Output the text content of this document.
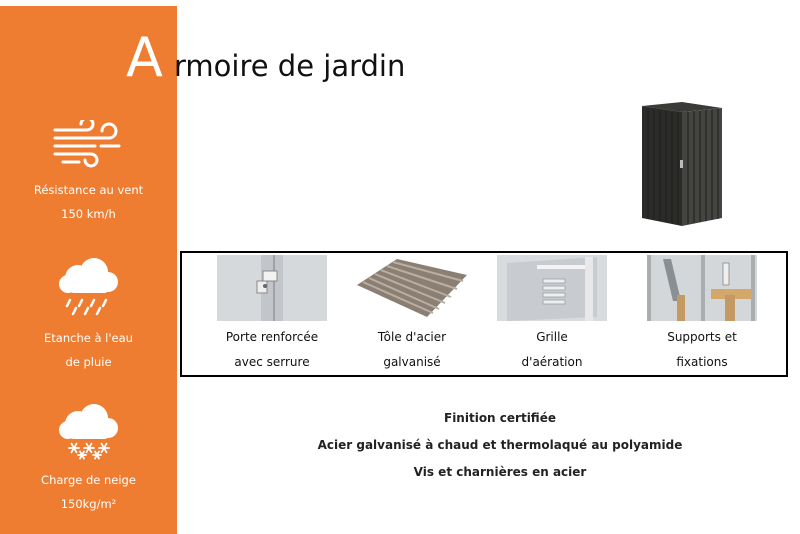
Résistance au vent
150 km/h
Etanche à l'eau
de pluie
Charge de neige
150kg/m²
A rmoire de jardin
Porte renforcée
avec serrure
Tôle d'acier
galvanisé
Grille
d'aération
Supports et
fixations
Finition certifiée
Acier galvanisé à chaud et thermolaqué au polyamide
Vis et charnières en acier
